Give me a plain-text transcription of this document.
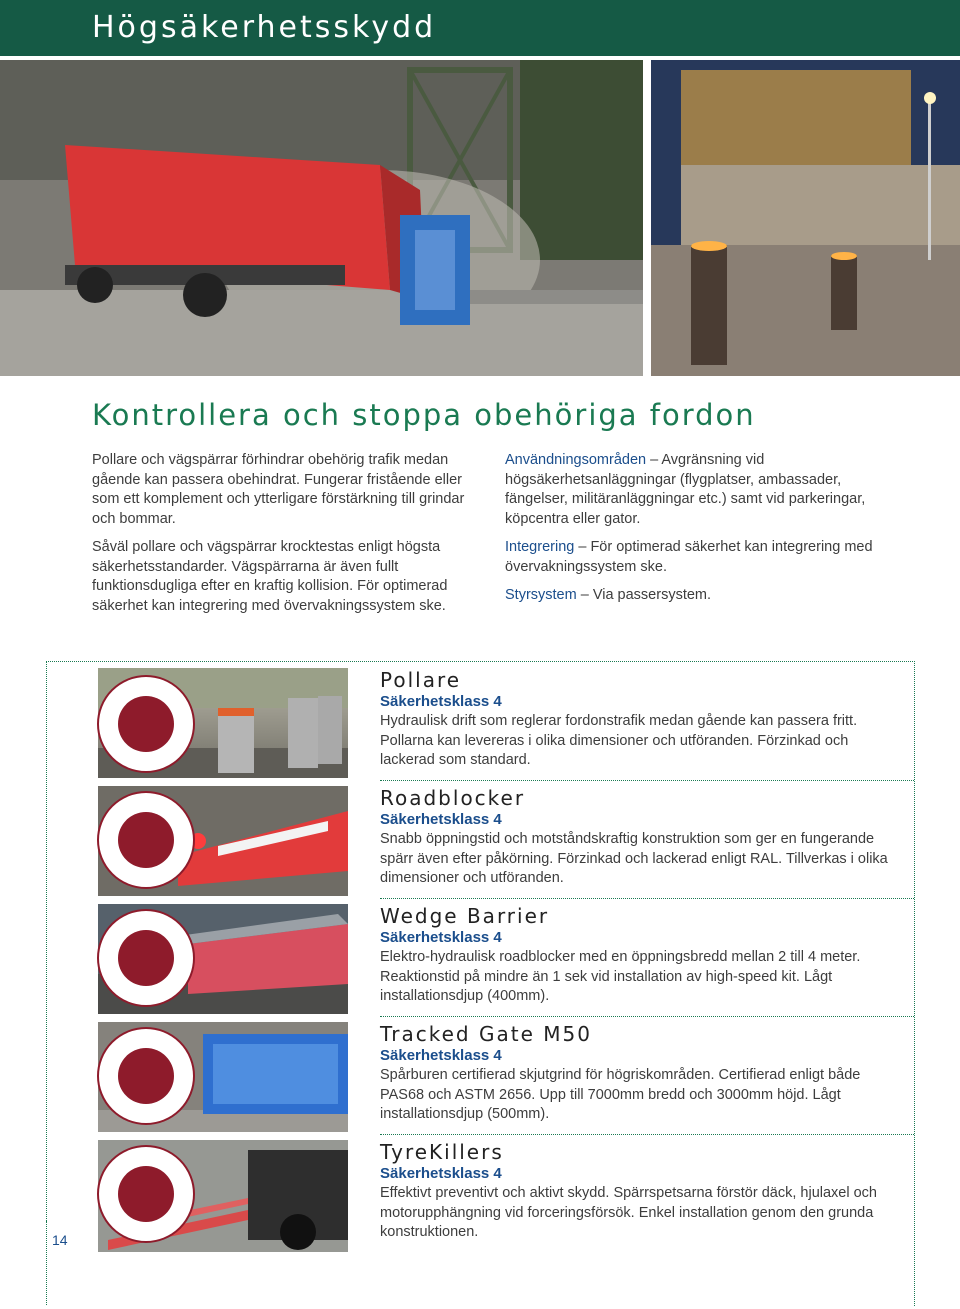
Högsäkerhetsskydd
Kontrollera och stoppa obehöriga fordon

Pollare och vägspärrar förhindrar obehörig trafik medan gående kan passera obehindrat. Fungerar fristående eller som ett komplement och ytterligare förstärkning till grindar och bommar.

Såväl pollare och vägspärrar krocktestas enligt högsta säkerhetsstandarder. Vägspärrarna är även fullt funktionsdugliga efter en kraftig kollision. För optimerad säkerhet kan integrering med övervakningssystem ske.

Användningsområden – Avgränsning vid högsäkerhetsanläggningar (flygplatser, ambassader, fängelser, militäranläggningar etc.) samt vid parkeringar, köpcentra eller gator.

Integrering – För optimerad säkerhet kan integrering med övervakningssystem ske.

Styrsystem – Via passersystem.

14
Pollare

Säkerhetsklass 4

Hydraulisk drift som reglerar fordonstrafik medan gående kan passera fritt. Pollarna kan levereras i olika dimensioner och utföranden. Förzinkad och lackerad som standard.

Roadblocker

Säkerhetsklass 4

Snabb öppningstid och motståndskraftig konstruktion som ger en fungerande spärr även efter påkörning. Förzinkad och lackerad enligt RAL. Tillverkas i olika dimensioner och utföranden.

Wedge Barrier

Säkerhetsklass 4

Elektro-hydraulisk roadblocker med en öppningsbredd mellan 2 till 4 meter. Reaktionstid på mindre än 1 sek vid installation av high-speed kit. Lågt installationsdjup (400mm).

Tracked Gate M50

Säkerhetsklass 4

Spårburen certifierad skjutgrind för högriskområden. Certifierad enligt både PAS68 och ASTM 2656. Upp till 7000mm bredd och 3000mm höjd. Lågt installationsdjup (500mm).

TyreKillers

Säkerhetsklass 4

Effektivt preventivt och aktivt skydd. Spärrspetsarna förstör däck, hjulaxel och motorupphängning vid forceringsförsök. Enkel installation genom den grunda konstruktionen.
